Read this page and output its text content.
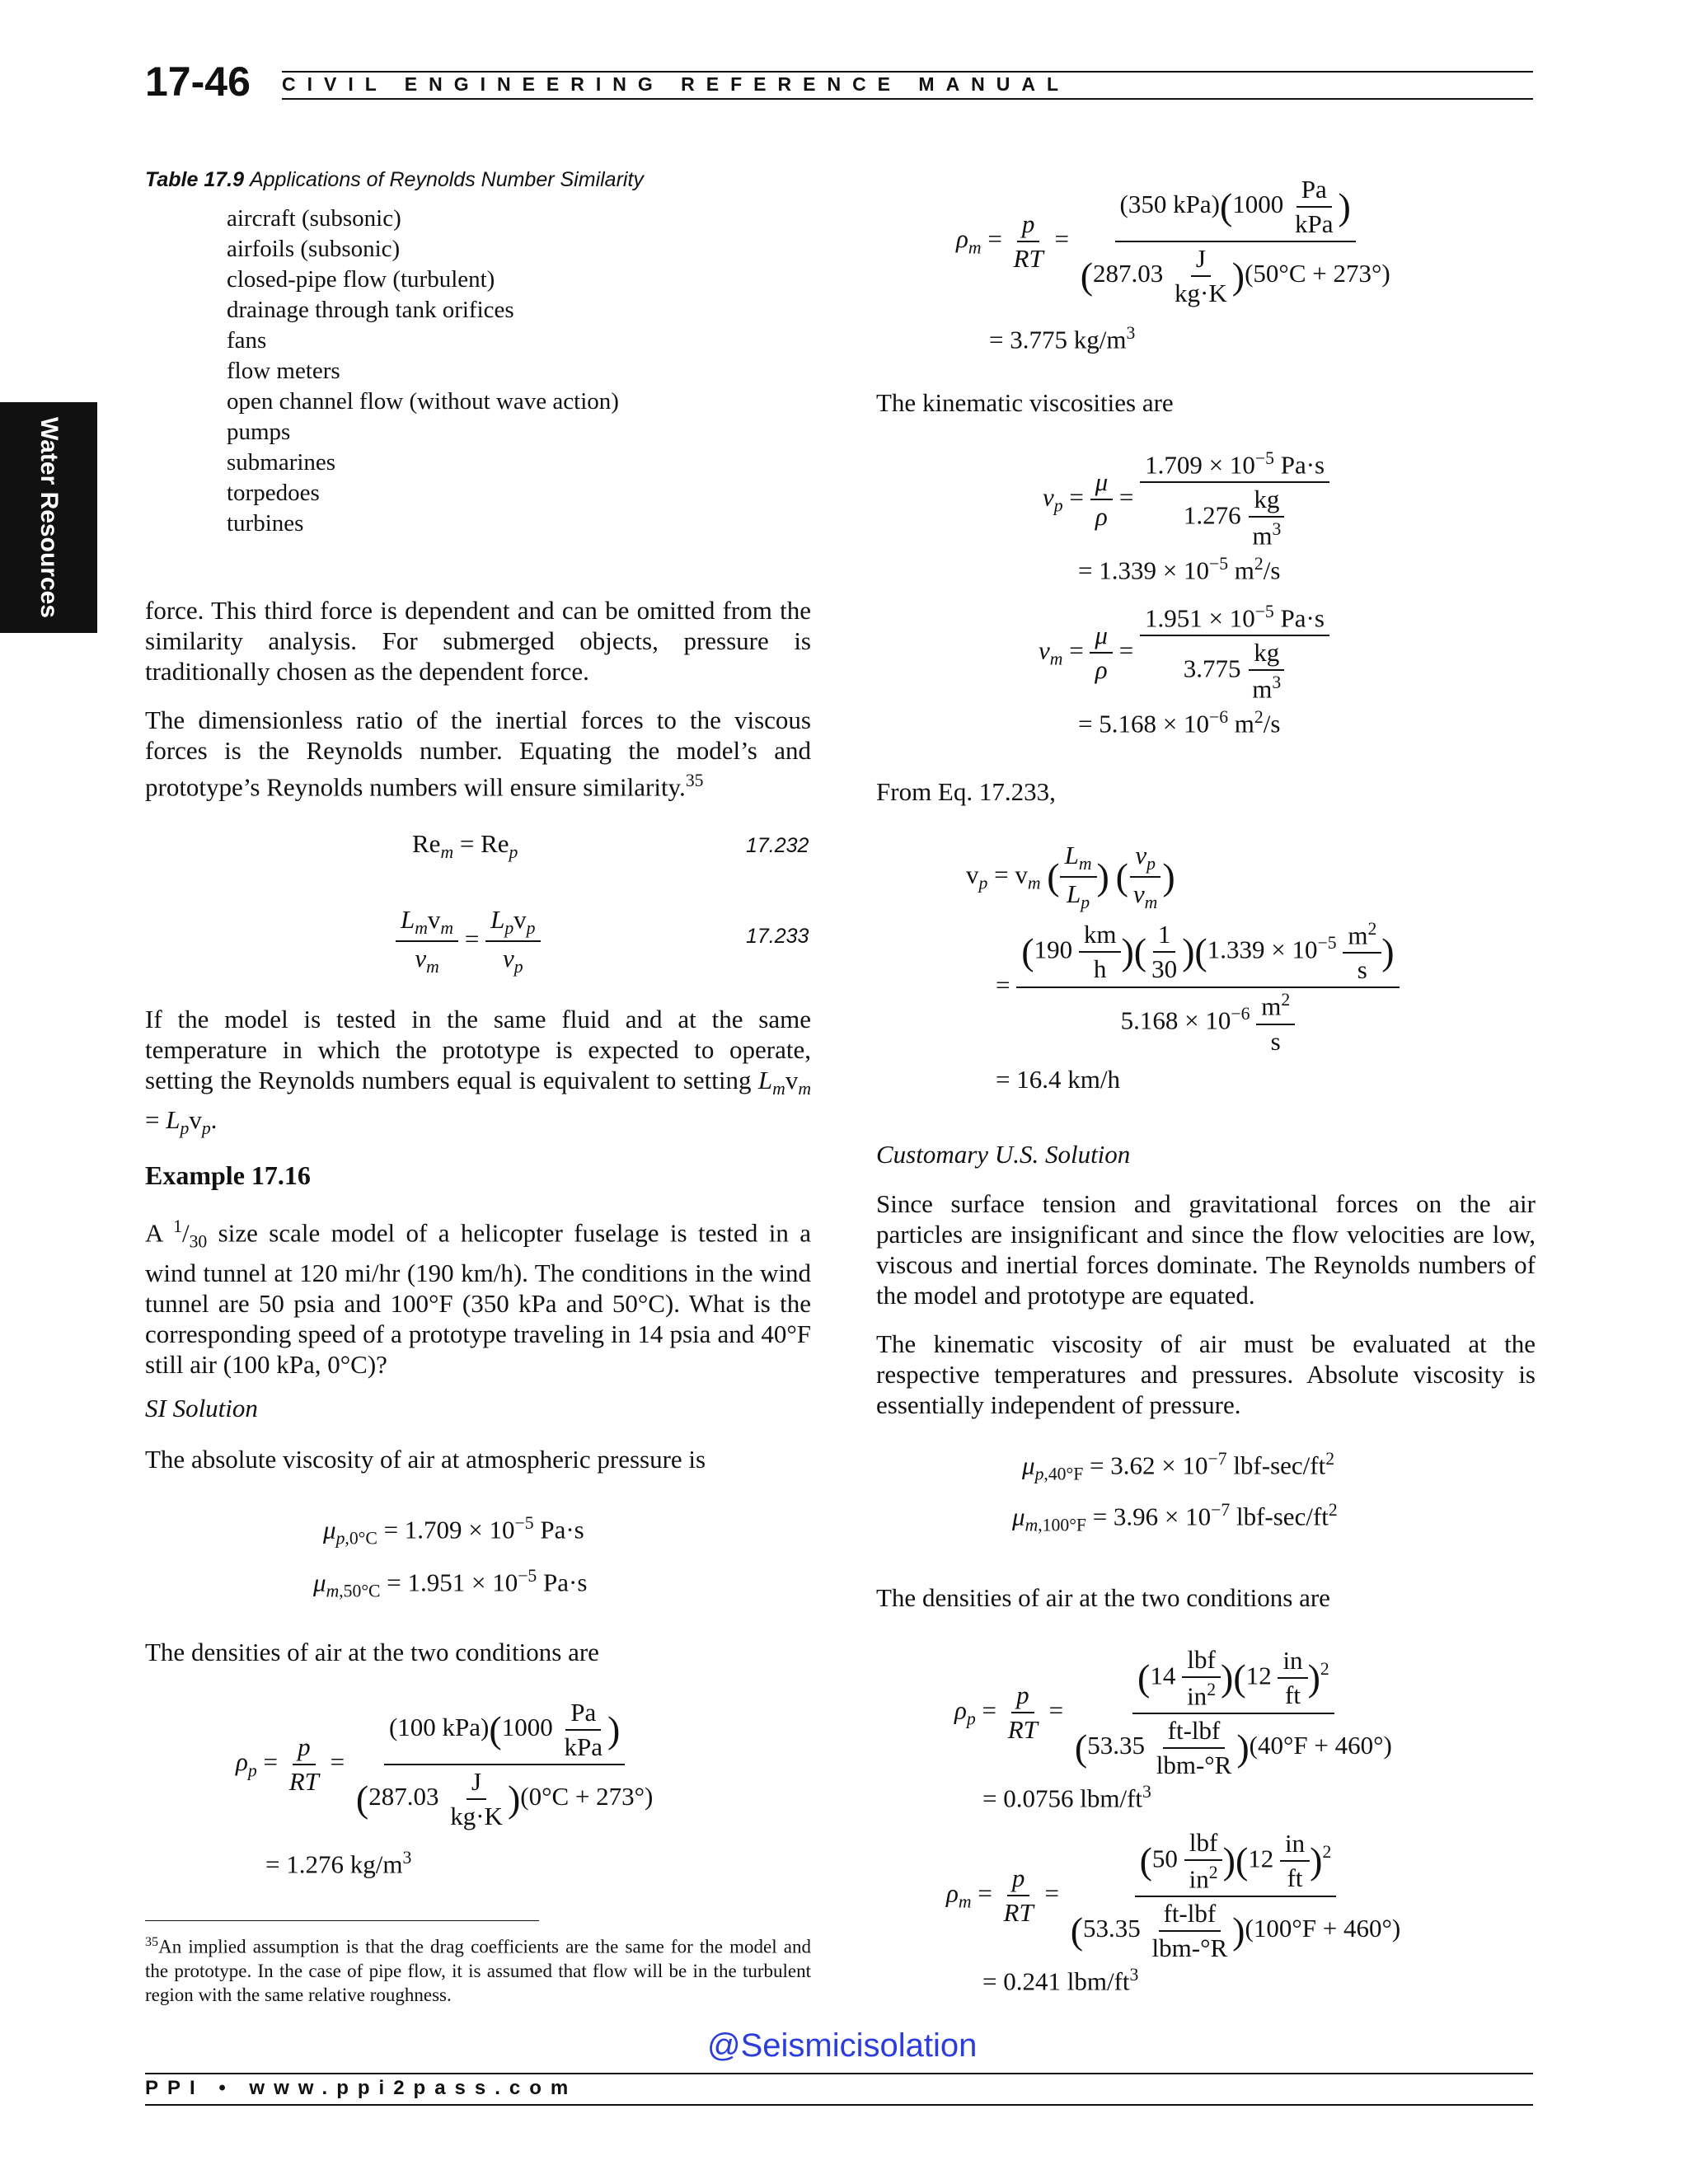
17-46 CIVIL ENGINEERING REFERENCE MANUAL
Water Resources
Table 17.9 Applications of Reynolds Number Similarity
aircraft (subsonic)
airfoils (subsonic)
closed-pipe flow (turbulent)
drainage through tank orifices
fans
flow meters
open channel flow (without wave action)
pumps
submarines
torpedoes
turbines

force. This third force is dependent and can be omitted from the similarity analysis. For submerged objects, pressure is traditionally chosen as the dependent force.

The dimensionless ratio of the inertial forces to the viscous forces is the Reynolds number. Equating the model’s and prototype’s Reynolds numbers will ensure similarity.$^{35}$
$Re_m = Re_p$	17.232
$\frac{L_mv_m}{\nu_m} = \frac{L_pv_p}{\nu_p}$	17.233
If the model is tested in the same fluid and at the same temperature in which the prototype is expected to operate, setting the Reynolds numbers equal is equivalent to setting $L_mv_m = L_pv_p$.
Example 17.16
A $^1/_{30}$ size scale model of a helicopter fuselage is tested in a wind tunnel at 120 mi/hr (190 km/h). The conditions in the wind tunnel are 50 psia and 100°F (350 kPa and 50°C). What is the corresponding speed of a prototype traveling in 14 psia and 40°F still air (100 kPa, 0°C)?
SI Solution
The absolute viscosity of air at atmospheric pressure is
$\mu_{p,0^\circ C} = 1.709 \times 10^{-5}$ Pa·s
$\mu_{m,50^\circ C} = 1.951 \times 10^{-5}$ Pa·s
The densities of air at the two conditions are
$\rho_p = \frac{p}{RT} = \frac{(100 kPa)(1000 \frac{Pa}{\text{kPa}} )}{(287.03 \frac{J}{kg\cdot K} )(0^\circ C + 273^\circ)}$
= 1.276 $kg/m^3$
$^{35}$An implied assumption is that the drag coefficients are the same for the model and the prototype. In the case of pipe flow, it is assumed that flow will be in the turbulent region with the same relative roughness.
$\rho_m = \frac{p}{RT} = \frac{(350 kPa)(1000 \frac{Pa}{\text{kPa}} )}{(287.03 \frac{J}{kg\cdot K} )(50^\circ C + 273^\circ)}$
= 3.775 $kg/m^3$
The kinematic viscosities are
$\nu_p = \frac{\mu}{\rho} = \frac{1.709 \times 10^{-5} Pa\cdot s}{1.276 \frac{kg}{m^3}}$
= $1.339 \times 10^{-5}$ $m^2/s$
$\nu_m = \frac{\mu}{\rho} = \frac{1.951 \times 10^{-5} Pa\cdot s}{3.775 \frac{kg}{m^3}}$
= $5.168 \times 10^{-6}$ $m^2/s$
From Eq. 17.233,
$v_p = v_m$ ( $\frac{L_m}{L_p}$ ) ( $\frac{\nu_p}{\nu_m}$ )
= $\frac{(190 \frac{km}{h} )( \frac{1}{30} )(1.339 \times 10^{-5} \frac{m^2}{s} )}{5.168 \times 10^{-6} \frac{m^2}{s}}$
= 16.4 km/h
Customary U.S. Solution
Since surface tension and gravitational forces on the air particles are insignificant and since the flow velocities are low, viscous and inertial forces dominate. The Reynolds numbers of the model and prototype are equated.
The kinematic viscosity of air must be evaluated at the respective temperatures and pressures. Absolute viscosity is essentially independent of pressure.
$\mu_{p,40^\circ F} = 3.62 \times 10^{-7}$ lbf-$\sec/ft^2$
$\mu_{m,100^\circ F} = 3.96 \times 10^{-7}$ lbf-$\sec/ft^2$
The densities of air at the two conditions are
$\rho_p = \frac{p}{RT} = \frac{(14 \frac{\text{lbf}}{in^2} )(12 \frac{in}{ft} )^2}{(53.35 \frac{\text{ft-lbf}}{\text{lbm-°R}} )(40^\circ F + 460^\circ)}$
= 0.0756 lbm/$ft^3$
$\rho_m = \frac{p}{RT} = \frac{(50 \frac{\text{lbf}}{in^2} )(12 \frac{in}{ft} )^2}{(53.35 \frac{\text{ft-lbf}}{\text{lbm-°R}} )(100^\circ F + 460^\circ)}$
= 0.241 lbm/$ft^3$
@Seismicisolation
PPI • www.ppi2pass.com
